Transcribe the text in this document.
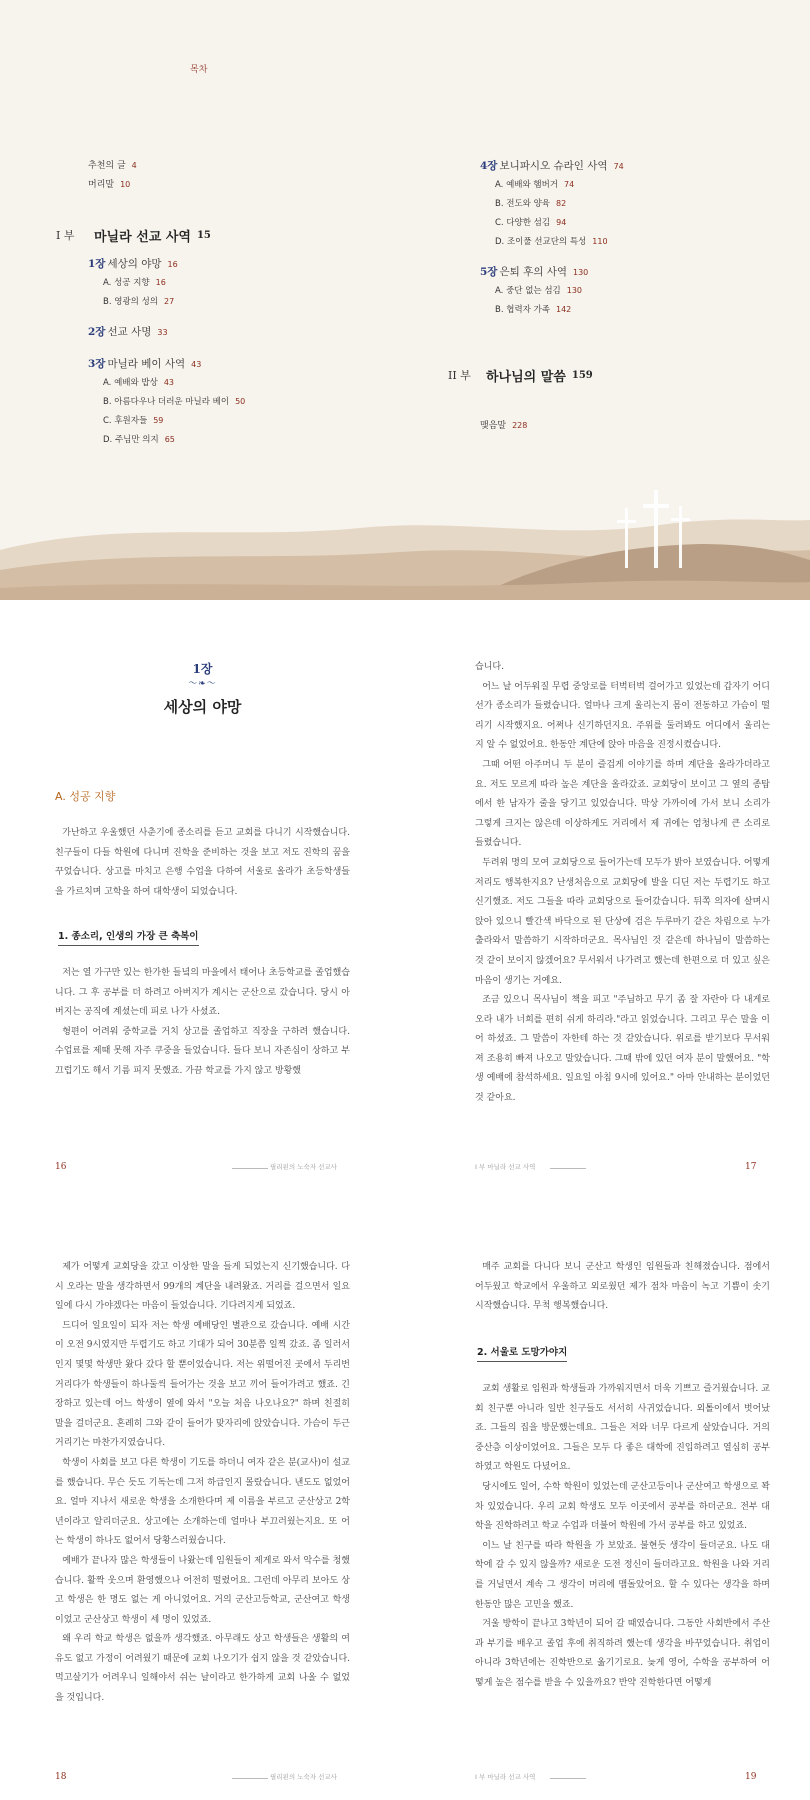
목차
추천의 글 4
머리말 10
I 부	마닐라 선교 사역 15
1장 세상의 야망 16
A. 성공 지향 16
B. 영광의 성의 27
2장 선교 사명 33
3장 마닐라 베이 사역 43
A. 예배와 밥상 43
B. 아름다우나 더러운 마닐라 베이 50
C. 후원자들 59
D. 주님만 의지 65
4장 보니파시오 슈라인 사역 74
A. 예배와 햄버거 74
B. 전도와 양육 82
C. 다양한 섬김 94
D. 조이풀 선교단의 특성 110
5장 은퇴 후의 사역 130
A. 중단 없는 섬김 130
B. 협력자 가족 142
II 부	하나님의 말씀 159
맺음말 228
1장
～❧～
세상의 야망
A. 성공 지향

가난하고 우울했던 사춘기에 종소리를 듣고 교회를 다니기 시작했습니다. 친구들이 다들 학원에 다니며 진학을 준비하는 것을 보고 저도 진학의 꿈을 꾸었습니다. 상고를 마치고 은행 수업을 다하여 서울로 올라가 초등학생들을 가르치며 고학을 하여 대학생이 되었습니다.

1. 종소리, 인생의 가장 큰 축복이

저는 열 가구만 있는 한가한 들녘의 마을에서 태어나 초등학교를 졸업했습니다. 그 후 공부를 더 하려고 아버지가 계시는 군산으로 갔습니다. 당시 아버지는 공직에 계셨는데 피로 나가 사셨죠.

형편이 어려워 중학교를 거치 상고를 졸업하고 직장을 구하려 했습니다. 수업료를 제때 못해 자주 쿠중을 들었습니다. 들다 보니 자존심이 상하고 부끄럽기도 해서 기름 피지 못했죠. 가끔 학교를 가지 않고 방황했

16	필리핀의 노숙자 선교사

습니다.

어느 날 어두워질 무렵 중앙로를 터벅터벅 걸어가고 있었는데 갑자기 어디선가 종소리가 들렸습니다. 얼마나 크게 울리는지 몸이 전동하고 가슴이 떨리기 시작했지요. 어쩌나 신기하던지요. 주위를 둘러봐도 어디에서 울리는지 알 수 없었어요. 한동안 계단에 앉아 마음을 진정시켰습니다.

그때 어떤 아주머니 두 분이 즐겁게 이야기를 하며 계단을 올라가더라고요. 저도 모르게 따라 높은 계단을 올라갔죠. 교회당이 보이고 그 옆의 종탑에서 한 남자가 줄을 당기고 있었습니다. 막상 가까이에 가서 보니 소리가 그렇게 크지는 않은데 이상하게도 거리에서 제 귀에는 엄청나게 큰 소리로 들렸습니다.

두려워 명의 모여 교회당으로 들어가는데 모두가 밝아 보였습니다. 어떻게 저리도 행복한지요? 난생처음으로 교회당에 발을 디딘 저는 두렵기도 하고 신기했죠. 저도 그들을 따라 교회당으로 들어갔습니다. 뒤쪽 의자에 살며시 앉아 있으니 빨간색 바닥으로 된 단상에 검은 두루마기 같은 차림으로 누가 출라와서 말씀하기 시작하더군요. 목사님인 것 같은데 하나님이 말씀하는 것 같이 보이지 않겠어요? 무서워서 나가려고 했는데 한편으로 더 있고 싶은 마음이 생기는 거예요.

조금 있으니 목사님이 책을 피고 "주님하고 무기 좀 잘 자란아 다 내게로 오라 내가 너희를 편히 쉬게 하리라."라고 읽었습니다. 그리고 무슨 말을 이어 하셨죠. 그 말씀이 자한테 하는 것 같았습니다. 위로를 받기보다 무서워져 조용히 빠져 나오고 말았습니다. 그때 밖에 있던 여자 분이 말했어요. "학생 예배에 참석하세요. 일요일 아침 9시에 있어요." 아마 안내하는 분이었던 것 같아요.

I 부 마닐라 선교 사역	17

제가 어떻게 교회당을 갔고 이상한 말을 들게 되었는지 신기했습니다. 다시 오라는 말을 생각하면서 99개의 계단을 내려왔죠. 거리를 걸으면서 일요일에 다시 가야겠다는 마음이 들었습니다. 기다려지게 되었죠.

드디어 일요일이 되자 저는 학생 예배당인 별관으로 갔습니다. 예배 시간이 오전 9시였지만 두렵기도 하고 기대가 되어 30분쯤 일찍 갔죠. 좀 일러서인지 몇몇 학생만 왔다 갔다 할 뿐이었습니다. 저는 위떨어진 곳에서 두리번거리다가 학생들이 하나둘씩 들어가는 것을 보고 끼어 들어가려고 했죠. 긴장하고 있는데 어느 학생이 옆에 와서 "오늘 처음 나오나요?" 하며 친절히 말을 걸더군요. 혼례히 그와 같이 들어가 맞자리에 앉았습니다. 가슴이 두근거리기는 마찬가지였습니다.

학생이 사회를 보고 다른 학생이 기도를 하더니 여자 같은 분(교사)이 설교를 했습니다. 무슨 듯도 기독는데 그저 하급인지 몰랐습니다. 낸도도 없었어요. 얼마 지나서 새로운 학생을 소개한다며 제 이름을 부르고 군산상고 2학년이라고 알리더군요. 상고에는 소개하는데 얼마나 부끄러웠는지요. 또 어는 학생이 하나도 없어서 당황스러웠습니다.

예배가 끝나자 많은 학생들이 나왔는데 임원들이 제게로 와서 악수를 청했습니다. 활짝 웃으며 환영했으나 어전히 떨렸어요. 그런데 아무리 보아도 상고 학생은 한 명도 없는 게 아니었어요. 거의 군산고등학교, 군산여고 학생이었고 군산상고 학생이 세 명이 있었죠.

왜 우리 학교 학생은 없을까 생각했죠. 아무래도 상고 학생들은 생활의 여유도 없고 가정이 어려웠기 때문에 교회 나오기가 쉽지 않을 것 같았습니다. 먹고살기가 어려우니 일해야서 쉬는 날이라고 한가하게 교회 나올 수 없었을 것입니다.

18	필리핀의 노숙자 선교사

매주 교회를 다니다 보니 군산고 학생인 임원들과 친해졌습니다. 점에서 어두웠고 학교에서 우울하고 외로웠던 제가 점차 마음이 녹고 기쁨이 솟기 시작했습니다. 무척 행복했습니다.

2. 서울로 도망가야지

교회 생활로 임원과 학생들과 가까워지면서 더욱 기쁘고 즐거웠습니다. 교회 친구뿐 아니라 일반 친구들도 서서히 사귀었습니다. 외톨이에서 벗어났죠. 그들의 집을 방문했는데요. 그들은 저와 너무 다르게 살았습니다. 거의 중산층 이상이었어요. 그들은 모두 다 좋은 대학에 진입하려고 열심히 공부하였고 학원도 다녔어요.

당시에도 일어, 수학 학원이 있었는데 군산고등이나 군산여고 학생으로 꽉 차 있었습니다. 우리 교회 학생도 모두 이곳에서 공부를 하더군요. 전부 대학을 진학하려고 학교 수업과 더불어 학원에 가서 공부를 하고 있었죠.

이느 날 친구를 따라 학원을 가 보았죠. 불현듯 생각이 들더군요. 나도 대학에 갈 수 있지 않을까? 새로운 도전 정신이 들더라고요. 학원을 나와 거리를 거닐면서 계속 그 생각이 머리에 맴돌았어요. 할 수 있다는 생각을 하며 한동안 많은 고민을 했죠.

겨울 방학이 끝나고 3학년이 되어 갈 때였습니다. 그동안 사회반에서 주산과 부기를 배우고 졸업 후에 취직하려 했는데 생각을 바꾸었습니다. 취업이 아니라 3학년에는 진학반으로 옮기기로요. 늦게 영어, 수학을 공부하여 어떻게 높은 점수를 받을 수 있을까요? 반약 진학한다면 어떻게

I 부 마닐라 선교 사역	19
